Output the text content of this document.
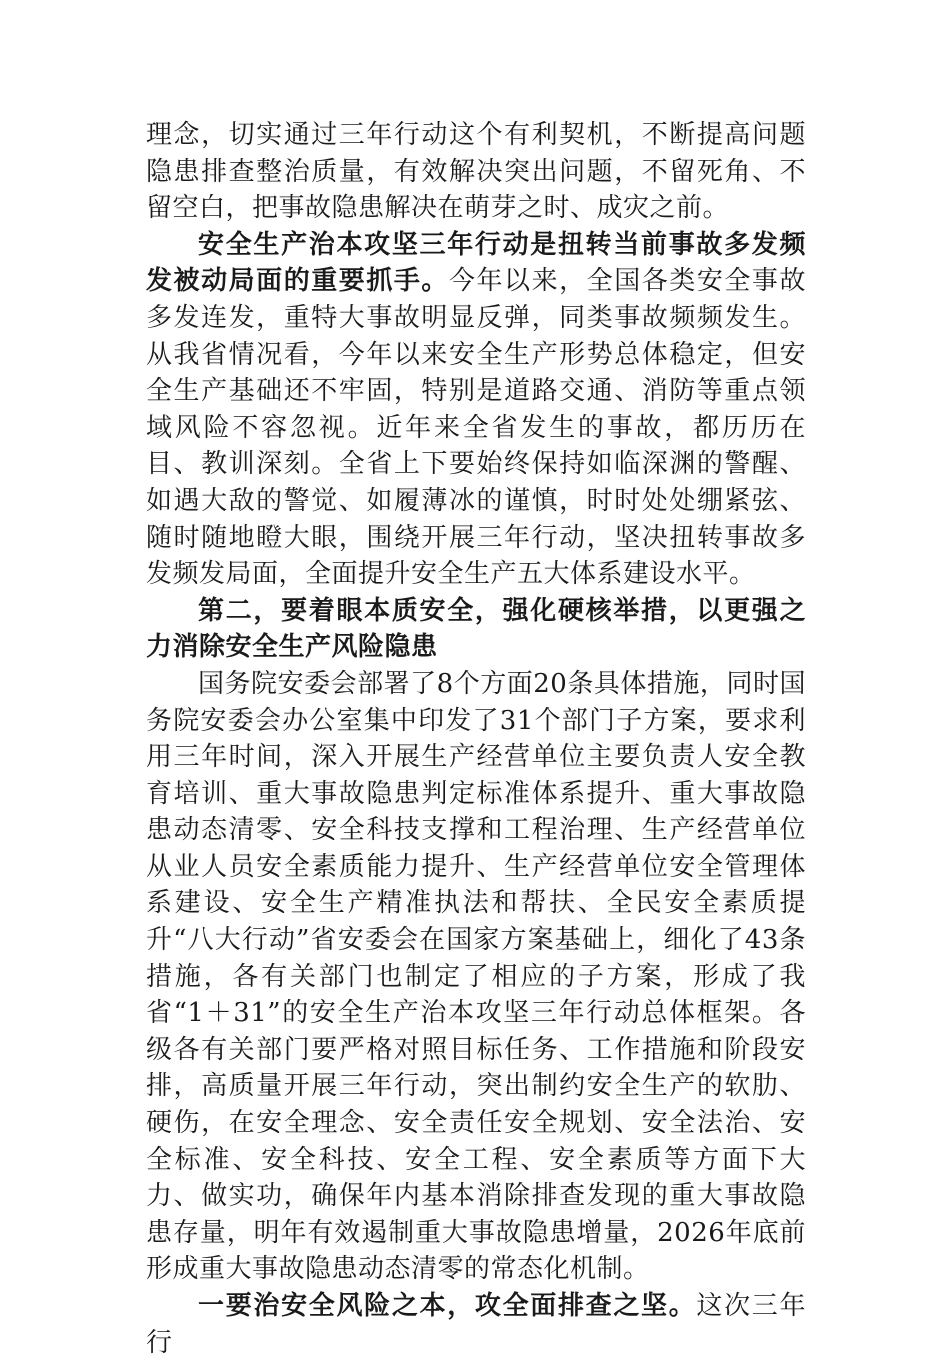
理念，切实通过三年行动这个有利契机，不断提高问题隐患排查整治质量，有效解决突出问题，不留死角、不留空白，把事故隐患解决在萌芽之时、成灾之前。

安全生产治本攻坚三年行动是扭转当前事故多发频发被动局面的重要抓手。今年以来，全国各类安全事故多发连发，重特大事故明显反弹，同类事故频频发生。从我省情况看，今年以来安全生产形势总体稳定，但安全生产基础还不牢固，特别是道路交通、消防等重点领域风险不容忽视。近年来全省发生的事故，都历历在目、教训深刻。全省上下要始终保持如临深渊的警醒、如遇大敌的警觉、如履薄冰的谨慎，时时处处绷紧弦、随时随地瞪大眼，围绕开展三年行动，坚决扭转事故多发频发局面，全面提升安全生产五大体系建设水平。

第二，要着眼本质安全，强化硬核举措，以更强之力消除安全生产风险隐患

国务院安委会部署了8个方面20条具体措施，同时国务院安委会办公室集中印发了31个部门子方案，要求利用三年时间，深入开展生产经营单位主要负责人安全教育培训、重大事故隐患判定标准体系提升、重大事故隐患动态清零、安全科技支撑和工程治理、生产经营单位从业人员安全素质能力提升、生产经营单位安全管理体系建设、安全生产精准执法和帮扶、全民安全素质提升“八大行动”省安委会在国家方案基础上，细化了43条措施，各有关部门也制定了相应的子方案，形成了我省“1＋31”的安全生产治本攻坚三年行动总体框架。各级各有关部门要严格对照目标任务、工作措施和阶段安排，高质量开展三年行动，突出制约安全生产的软肋、硬伤，在安全理念、安全责任安全规划、安全法治、安全标准、安全科技、安全工程、安全素质等方面下大力、做实功，确保年内基本消除排查发现的重大事故隐患存量，明年有效遏制重大事故隐患增量，2026年底前形成重大事故隐患动态清零的常态化机制。

一要治安全风险之本，攻全面排查之坚。这次三年行
